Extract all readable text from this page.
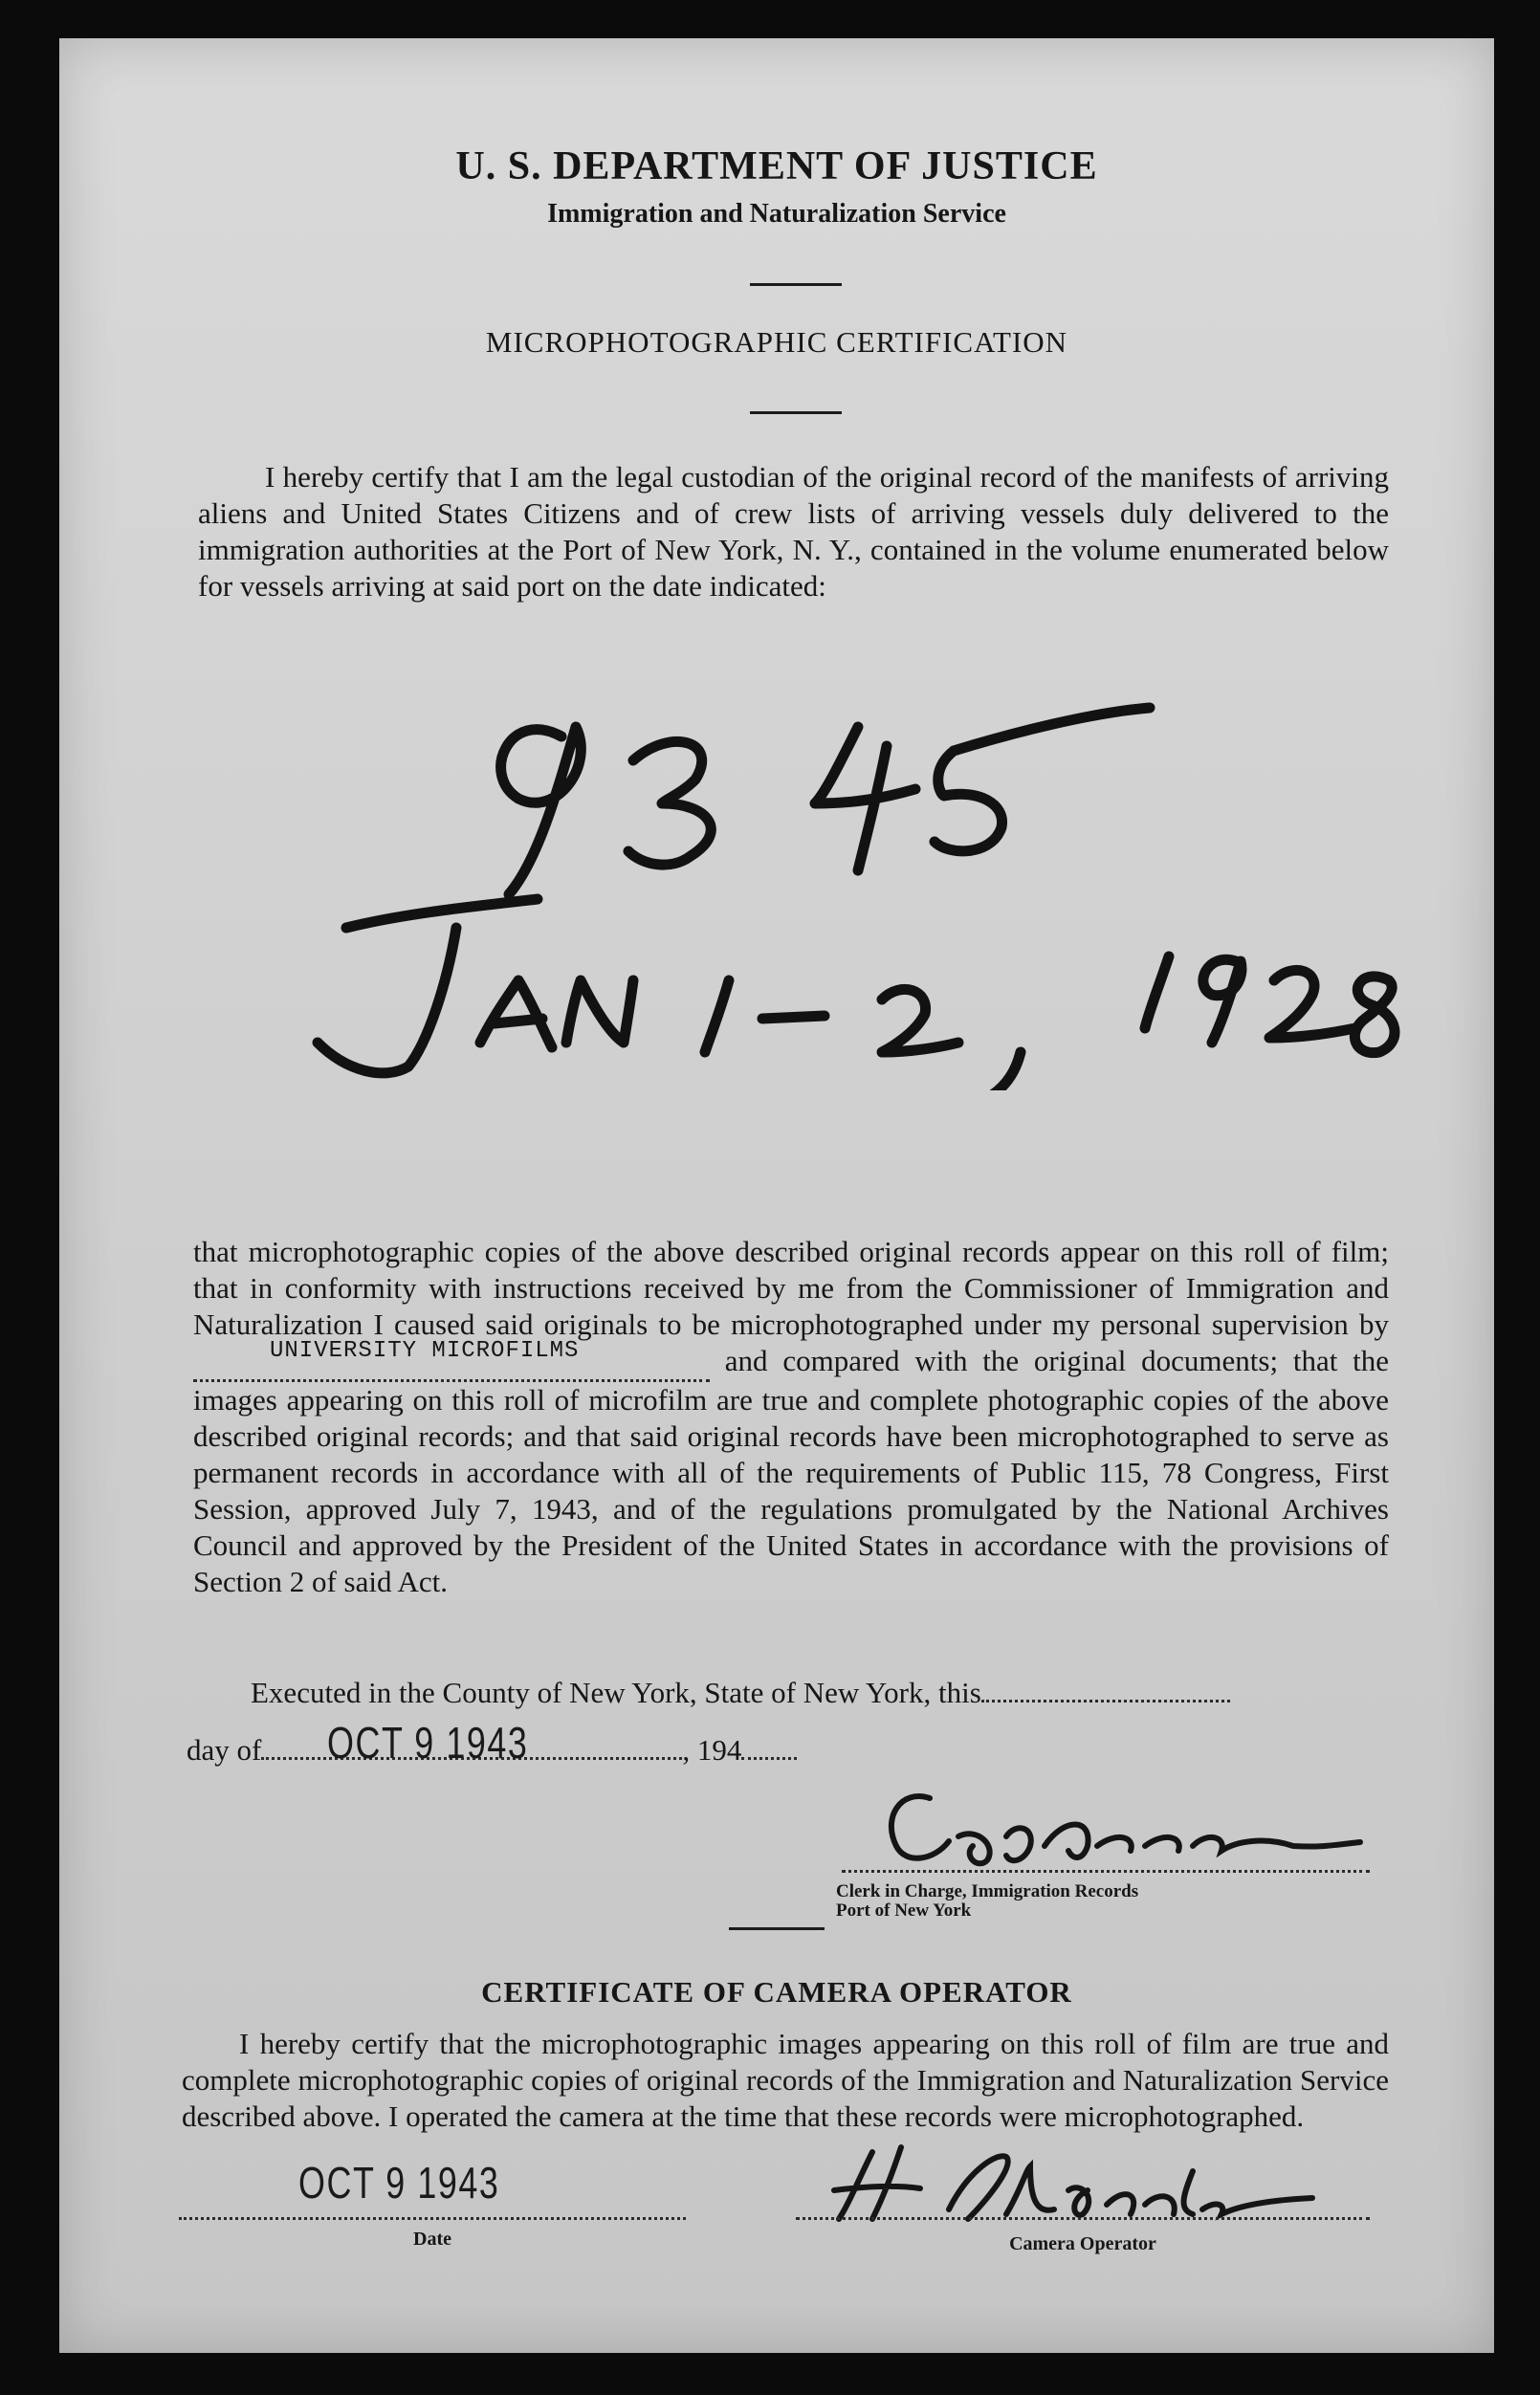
U. S. DEPARTMENT OF JUSTICE
Immigration and Naturalization Service
MICROPHOTOGRAPHIC CERTIFICATION
I hereby certify that I am the legal custodian of the original record of the manifests of arriving aliens and United States Citizens and of crew lists of arriving vessels duly delivered to the immigration authorities at the Port of New York, N. Y., contained in the volume enumerated below for vessels arriving at said port on the date indicated:
that microphotographic copies of the above described original records appear on this roll of film; that in conformity with instructions received by me from the Commissioner of Immigration and Naturalization I caused said originals to be microphotographed under my personal supervision by
UNIVERSITY MICROFILMS	and compared with the original documents; that the images appearing on this roll of microfilm are true and complete photographic copies of the above described original records; and that said original records have been microphotographed to serve as permanent records in accordance with all of the requirements of Public 115, 78 Congress, First Session, approved July 7, 1943, and of the regulations promulgated by the National Archives Council and approved by the President of the United States in accordance with the provisions of Section 2 of said Act.
Executed in the County of New York, State of New York, this
day of	, 194
OCT 9 1943
Clerk in Charge, Immigration Records
Port of New York
CERTIFICATE OF CAMERA OPERATOR
I hereby certify that the microphotographic images appearing on this roll of film are true and complete microphotographic copies of original records of the Immigration and Naturalization Service described above. I operated the camera at the time that these records were microphotographed.
OCT 9 1943
Date	Camera Operator
